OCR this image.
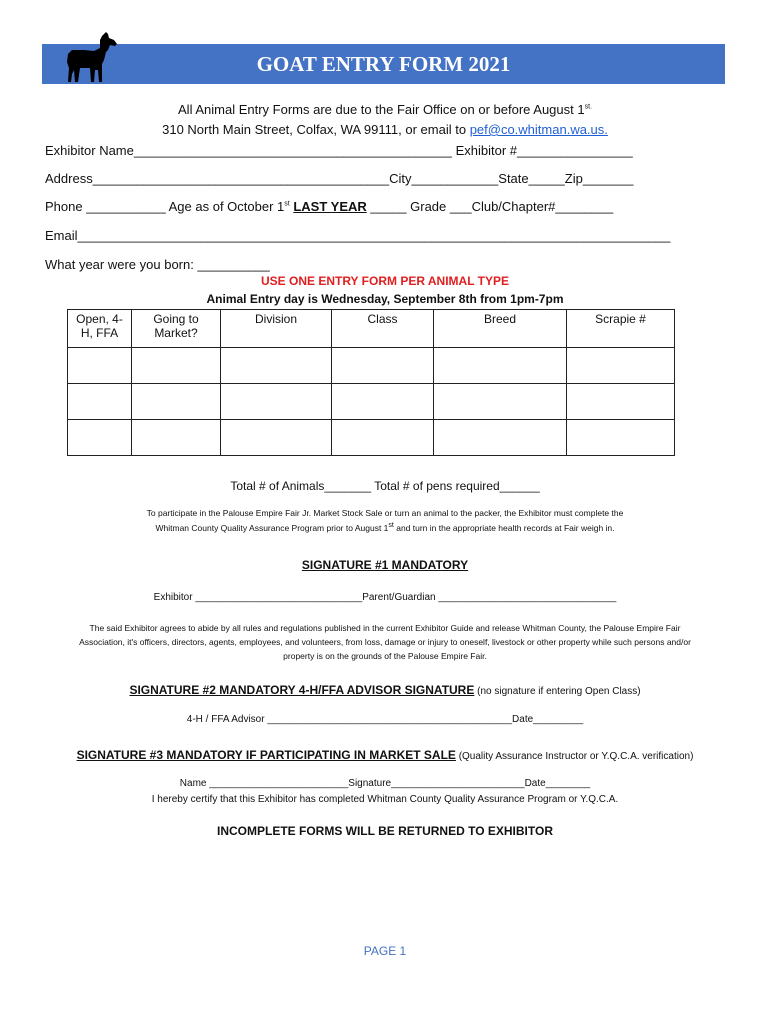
GOAT ENTRY FORM 2021
All Animal Entry Forms are due to the Fair Office on or before August $1^{st.}$
310 North Main Street, Colfax, WA 99111, or email to pef@co.whitman.wa.us.
Exhibitor Name____________________________________________ Exhibitor #________________
Address_________________________________________City____________State_____Zip_______
Phone ___________ Age as of October 1st LAST YEAR _____ Grade ___Club/Chapter#________
Email__________________________________________________________________________________
What year were you born: __________
USE ONE ENTRY FORM PER ANIMAL TYPE
Animal Entry day is Wednesday, September 8th from 1pm-7pm
Open, 4-H, FFA	Going to Market?	Division	Class	Breed	Scrapie #

Total # of Animals_______ Total # of pens required______
To participate in the Palouse Empire Fair Jr. Market Stock Sale or turn an animal to the packer, the Exhibitor must complete the
Whitman County Quality Assurance Program prior to August 1st and turn in the appropriate health records at Fair weigh in.
SIGNATURE #1 MANDATORY
Exhibitor ______________________________Parent/Guardian ________________________________
The said Exhibitor agrees to abide by all rules and regulations published in the current Exhibitor Guide and release Whitman County, the Palouse Empire Fair
Association, it's officers, directors, agents, employees, and volunteers, from loss, damage or injury to oneself, livestock or other property while such persons and/or
property is on the grounds of the Palouse Empire Fair.
SIGNATURE #2 MANDATORY 4-H/FFA ADVISOR SIGNATURE (no signature if entering Open Class)
4-H / FFA Advisor ____________________________________________Date_________
SIGNATURE #3 MANDATORY IF PARTICIPATING IN MARKET SALE (Quality Assurance Instructor or Y.Q.C.A. verification)
Name _________________________Signature________________________Date________
I hereby certify that this Exhibitor has completed Whitman County Quality Assurance Program or Y.Q.C.A.
INCOMPLETE FORMS WILL BE RETURNED TO EXHIBITOR
PAGE 1
